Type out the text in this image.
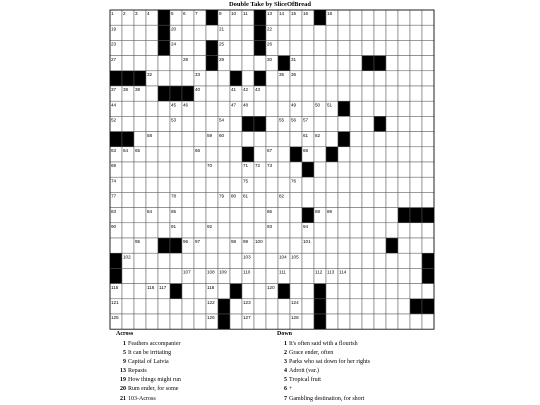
Double Take by SliceOfBread
1 2 3 4	5 6 7 8 9 10 11 12 13 14 15 16 17 18
19	20	21	22
23	24	25	26
27	28	29	30	31
32	33	34	35 36
37 38 39	40	41 42 43
44	45 46	47 48	49	50 51
52	53	54	55 56 57
58	59 60	61 62
63 64 65	66	67	68
69	70	71 72 73
74	75	76
77	78	79 80 81	82
83	84	85	86	87 88 89
90	91	92	93	94
95	96 97	98 99 100	101
102	103	104 105
106	107	108 109	110	111	112 113 114
115	116 117	118	119	120
121	122	123	124
125	126	127	128
Across
1 Feathers accompanier
5 It can be irritating
9 Capital of Latvia
13 Repasts
19 How things might run
20 Rum ender, for some
21 103-Across
Down
1 It's often said with a flourish
2 Grace ender, often
3 Parks who sat down for her rights
4 Adroit (var.)
5 Tropical fruit
6 +
7 Gambling destination, for short
